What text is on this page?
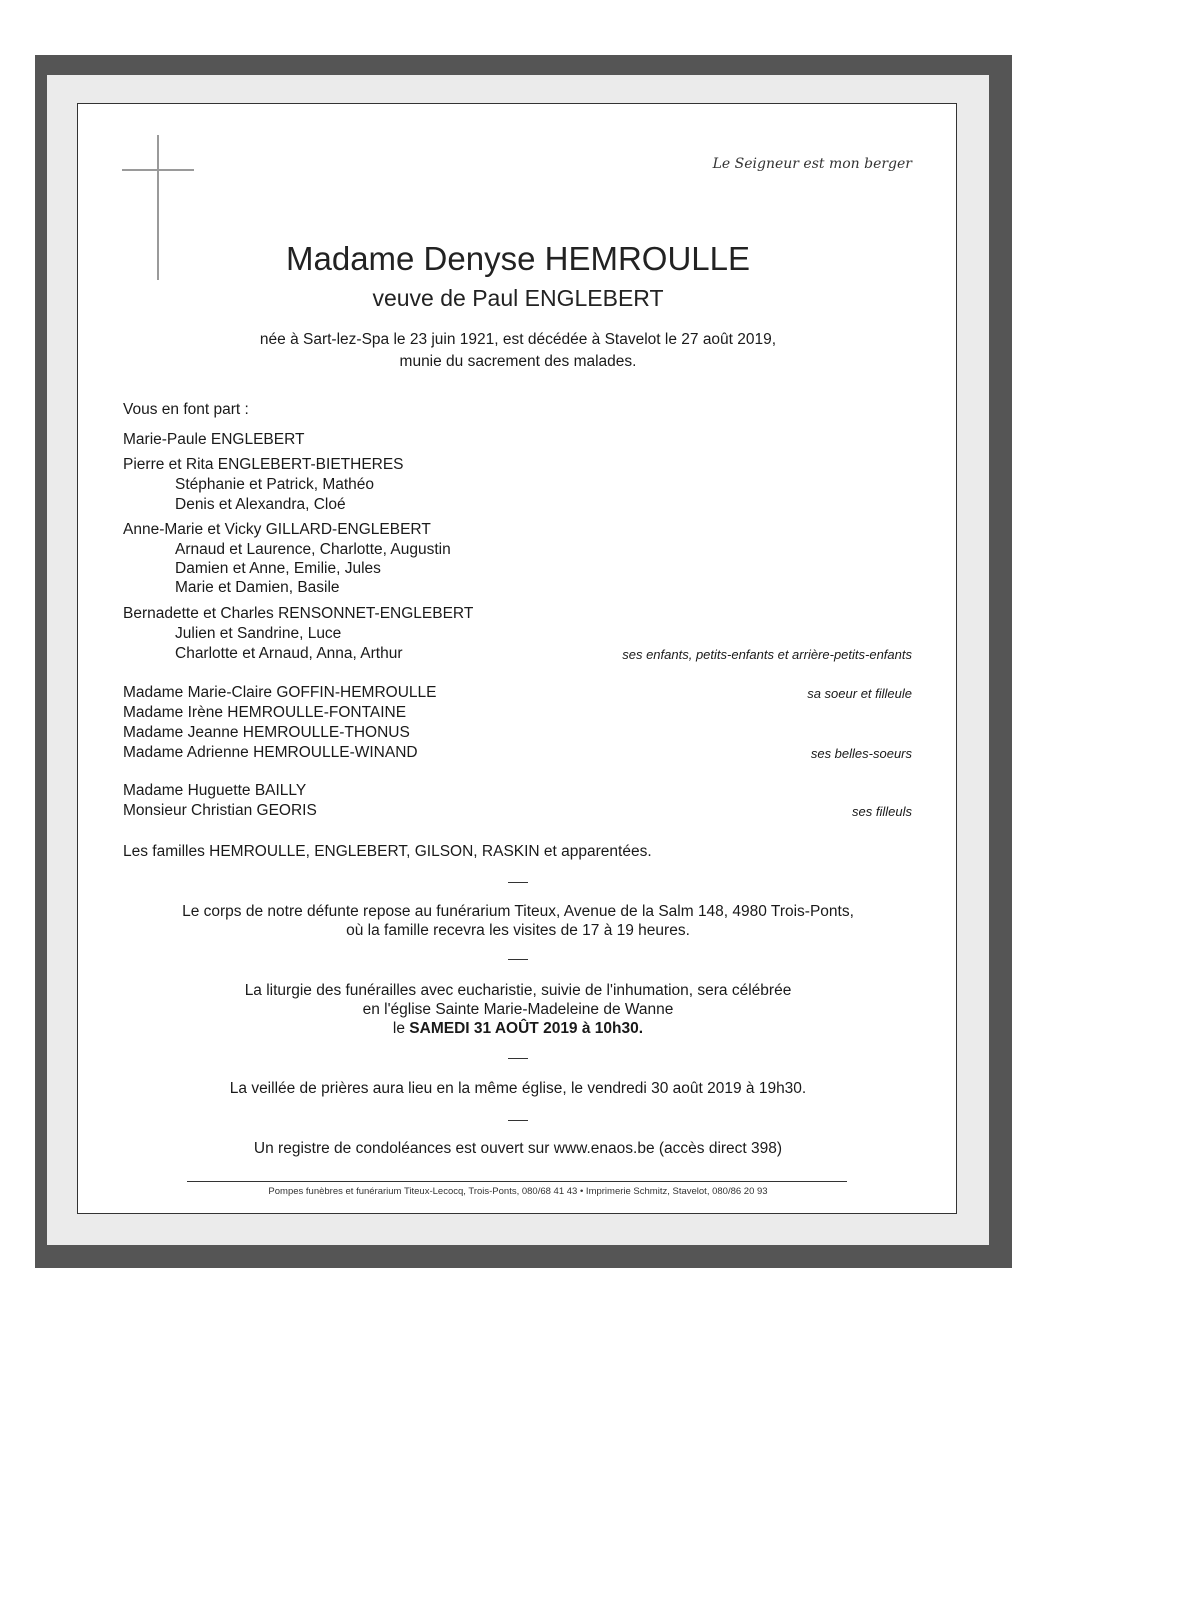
Le Seigneur est mon berger
Madame Denyse HEMROULLE
veuve de Paul ENGLEBERT
née à Sart-lez-Spa le 23 juin 1921, est décédée à Stavelot le 27 août 2019,
munie du sacrement des malades.
Vous en font part :
Marie-Paule ENGLEBERT
Pierre et Rita ENGLEBERT-BIETHERES
Stéphanie et Patrick, Mathéo
Denis et Alexandra, Cloé
Anne-Marie et Vicky GILLARD-ENGLEBERT
Arnaud et Laurence, Charlotte, Augustin
Damien et Anne, Emilie, Jules
Marie et Damien, Basile
Bernadette et Charles RENSONNET-ENGLEBERT
Julien et Sandrine, Luce
Charlotte et Arnaud, Anna, Arthur	ses enfants, petits-enfants et arrière-petits-enfants
Madame Marie-Claire GOFFIN-HEMROULLE	sa soeur et filleule
Madame Irène HEMROULLE-FONTAINE
Madame Jeanne HEMROULLE-THONUS
Madame Adrienne HEMROULLE-WINAND	ses belles-soeurs
Madame Huguette BAILLY
Monsieur Christian GEORIS	ses filleuls
Les familles HEMROULLE, ENGLEBERT, GILSON, RASKIN et apparentées.
Le corps de notre défunte repose au funérarium Titeux, Avenue de la Salm 148, 4980 Trois-Ponts,
où la famille recevra les visites de 17 à 19 heures.
La liturgie des funérailles avec eucharistie, suivie de l'inhumation, sera célébrée
en l'église Sainte Marie-Madeleine de Wanne
le SAMEDI 31 AOÛT 2019 à 10h30.
La veillée de prières aura lieu en la même église, le vendredi 30 août 2019 à 19h30.
Un registre de condoléances est ouvert sur www.enaos.be (accès direct 398)
Pompes funèbres et funérarium Titeux-Lecocq, Trois-Ponts, 080/68 41 43 • Imprimerie Schmitz, Stavelot, 080/86 20 93
